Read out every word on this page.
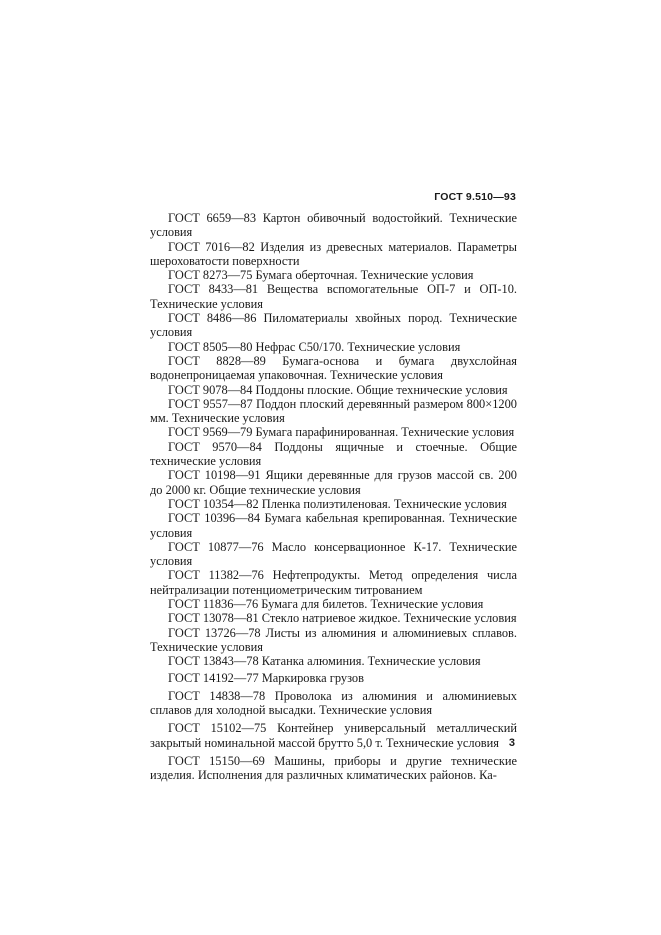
ГОСТ 9.510—93

ГОСТ 6659—83 Картон обивочный водостойкий. Технические условия

ГОСТ 7016—82 Изделия из древесных материалов. Параметры шероховатости поверхности

ГОСТ 8273—75 Бумага оберточная. Технические условия

ГОСТ 8433—81 Вещества вспомогательные ОП-7 и ОП-10. Технические условия

ГОСТ 8486—86 Пиломатериалы хвойных пород. Технические условия

ГОСТ 8505—80 Нефрас С50/170. Технические условия

ГОСТ 8828—89 Бумага-основа и бумага двухслойная водонепроницаемая упаковочная. Технические условия

ГОСТ 9078—84 Поддоны плоские. Общие технические условия

ГОСТ 9557—87 Поддон плоский деревянный размером 800×1200 мм. Технические условия

ГОСТ 9569—79 Бумага парафинированная. Технические условия

ГОСТ 9570—84 Поддоны ящичные и стоечные. Общие технические условия

ГОСТ 10198—91 Ящики деревянные для грузов массой св. 200 до 2000 кг. Общие технические условия

ГОСТ 10354—82 Пленка полиэтиленовая. Технические условия

ГОСТ 10396—84 Бумага кабельная крепированная. Технические условия

ГОСТ 10877—76 Масло консервационное К-17. Технические условия

ГОСТ 11382—76 Нефтепродукты. Метод определения числа нейтрализации потенциометрическим титрованием

ГОСТ 11836—76 Бумага для билетов. Технические условия

ГОСТ 13078—81 Стекло натриевое жидкое. Технические условия

ГОСТ 13726—78 Листы из алюминия и алюминиевых сплавов. Технические условия

ГОСТ 13843—78 Катанка алюминия. Технические условия

ГОСТ 14192—77 Маркировка грузов

ГОСТ 14838—78 Проволока из алюминия и алюминиевых сплавов для холодной высадки. Технические условия

ГОСТ 15102—75 Контейнер универсальный металлический закрытый номинальной массой брутто 5,0 т. Технические условия

ГОСТ 15150—69 Машины, приборы и другие технические изделия. Исполнения для различных климатических районов. Ка-

3
